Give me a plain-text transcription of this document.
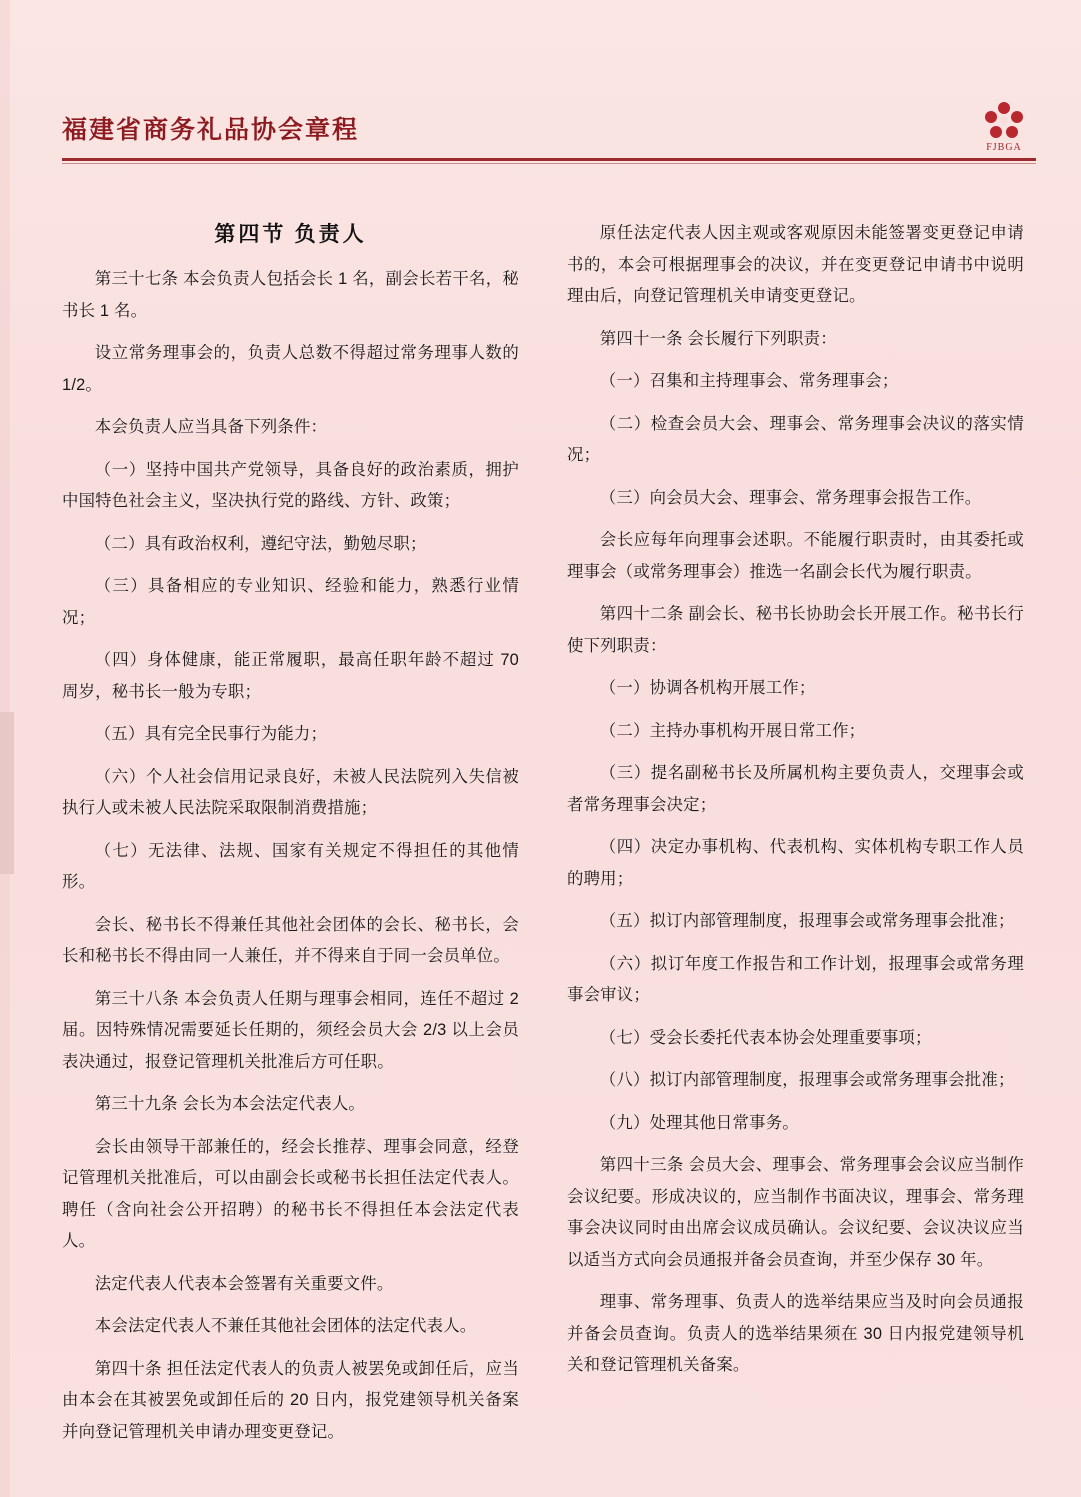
福建省商务礼品协会章程
FJBGA
第四节 负责人

第三十七条 本会负责人包括会长 1 名，副会长若干名，秘书长 1 名。

设立常务理事会的，负责人总数不得超过常务理事人数的 1/2。

本会负责人应当具备下列条件：

（一）坚持中国共产党领导，具备良好的政治素质，拥护中国特色社会主义，坚决执行党的路线、方针、政策；

（二）具有政治权利，遵纪守法，勤勉尽职；

（三）具备相应的专业知识、经验和能力，熟悉行业情况；

（四）身体健康，能正常履职，最高任职年龄不超过 70 周岁，秘书长一般为专职；

（五）具有完全民事行为能力；

（六）个人社会信用记录良好，未被人民法院列入失信被执行人或未被人民法院采取限制消费措施；

（七）无法律、法规、国家有关规定不得担任的其他情形。

会长、秘书长不得兼任其他社会团体的会长、秘书长，会长和秘书长不得由同一人兼任，并不得来自于同一会员单位。

第三十八条 本会负责人任期与理事会相同，连任不超过 2 届。因特殊情况需要延长任期的，须经会员大会 2/3 以上会员表决通过，报登记管理机关批准后方可任职。

第三十九条 会长为本会法定代表人。

会长由领导干部兼任的，经会长推荐、理事会同意，经登记管理机关批准后，可以由副会长或秘书长担任法定代表人。聘任（含向社会公开招聘）的秘书长不得担任本会法定代表人。

法定代表人代表本会签署有关重要文件。

本会法定代表人不兼任其他社会团体的法定代表人。

第四十条 担任法定代表人的负责人被罢免或卸任后，应当由本会在其被罢免或卸任后的 20 日内，报党建领导机关备案并向登记管理机关申请办理变更登记。

原任法定代表人因主观或客观原因未能签署变更登记申请书的，本会可根据理事会的决议，并在变更登记申请书中说明理由后，向登记管理机关申请变更登记。

第四十一条 会长履行下列职责：

（一）召集和主持理事会、常务理事会；

（二）检查会员大会、理事会、常务理事会决议的落实情况；

（三）向会员大会、理事会、常务理事会报告工作。

会长应每年向理事会述职。不能履行职责时，由其委托或理事会（或常务理事会）推选一名副会长代为履行职责。

第四十二条 副会长、秘书长协助会长开展工作。秘书长行使下列职责：

（一）协调各机构开展工作；

（二）主持办事机构开展日常工作；

（三）提名副秘书长及所属机构主要负责人，交理事会或者常务理事会决定；

（四）决定办事机构、代表机构、实体机构专职工作人员的聘用；

（五）拟订内部管理制度，报理事会或常务理事会批准；

（六）拟订年度工作报告和工作计划，报理事会或常务理事会审议；

（七）受会长委托代表本协会处理重要事项；

（八）拟订内部管理制度，报理事会或常务理事会批准；

（九）处理其他日常事务。

第四十三条 会员大会、理事会、常务理事会会议应当制作会议纪要。形成决议的，应当制作书面决议，理事会、常务理事会决议同时由出席会议成员确认。会议纪要、会议决议应当以适当方式向会员通报并备会员查询，并至少保存 30 年。

理事、常务理事、负责人的选举结果应当及时向会员通报并备会员查询。负责人的选举结果须在 30 日内报党建领导机关和登记管理机关备案。
